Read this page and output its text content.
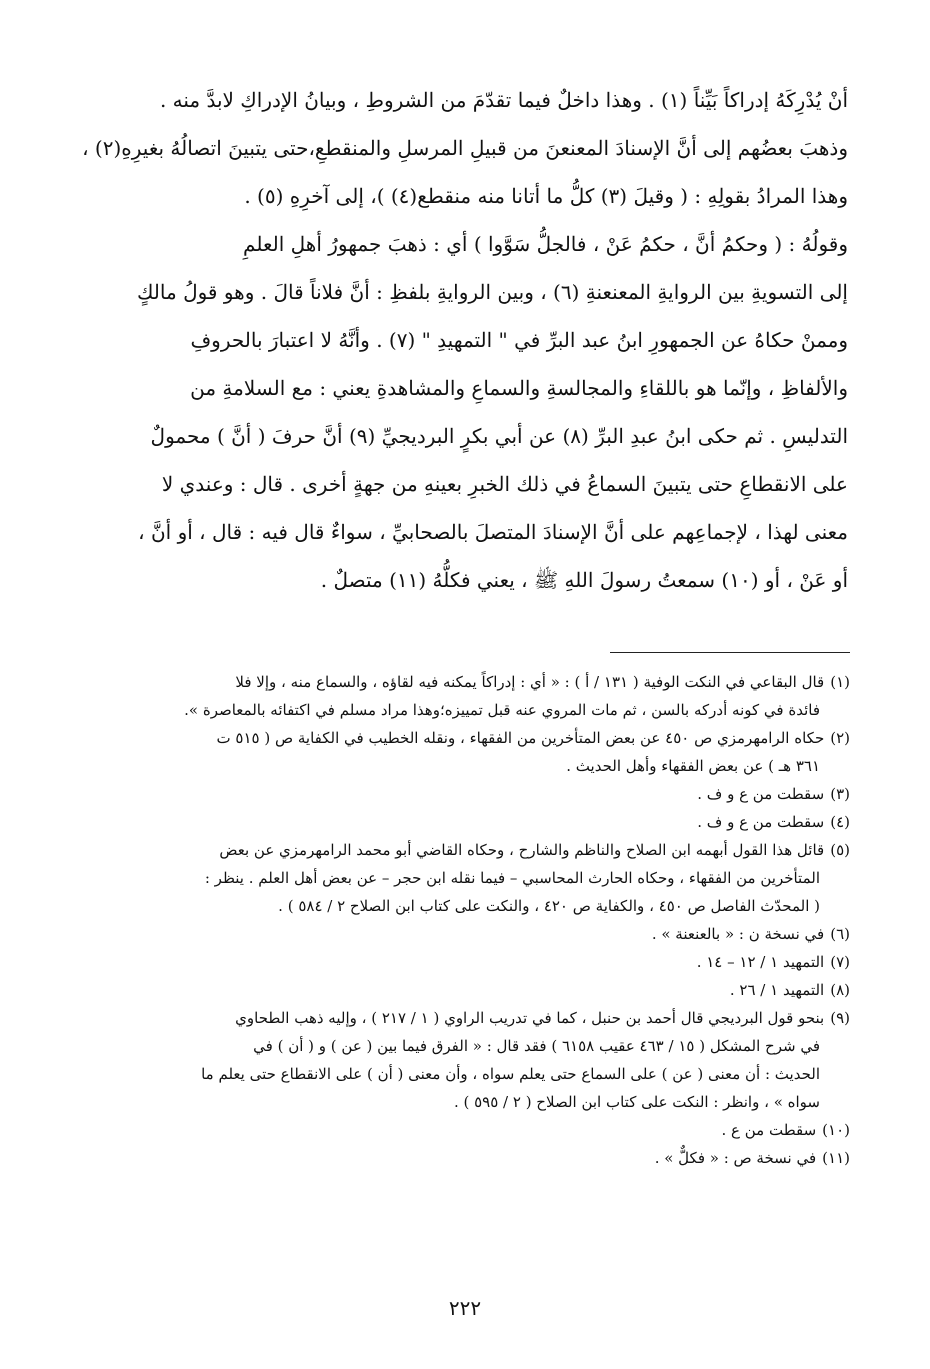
أنْ يُدْرِكَهُ إدراكاً بَيِّناً (١) . وهذا داخلٌ فيما تقدّمَ من الشروطِ ، وبيانُ الإدراكِ لابدَّ منه .
وذهبَ بعضُهم إلى أنَّ الإسنادَ المعنعنَ من قبيلِ المرسلِ والمنقطعِ،حتى يتبينَ اتصالُهُ بغيرِهِ(٢) ،
وهذا المرادُ بقولِهِ : ( وقيلَ (٣) كلُّ ما أتانا منه منقطع(٤) )، إلى آخرِهِ (٥) .
وقولُهُ : ( وحكمُ أنَّ ، حكمُ عَنْ ، فالجلُّ سَوَّوا ) أي : ذهبَ جمهورُ أهلِ العلمِ
إلى التسويةِ بين الروايةِ المعنعنةِ (٦) ، وبين الروايةِ بلفظِ : أنَّ فلاناً قالَ . وهو قولُ مالكٍ
وممنْ حكاهُ عن الجمهورِ ابنُ عبد البرِّ في " التمهيدِ " (٧) . وأنَّهُ لا اعتبارَ بالحروفِ
والألفاظِ ، وإنّما هو باللقاءِ والمجالسةِ والسماعِ والمشاهدةِ يعني : مع السلامةِ من
التدليسِ . ثم حكى ابنُ عبدِ البرِّ (٨) عن أبي بكرٍ البرديجيِّ (٩) أنَّ حرفَ ( أنَّ ) محمولٌ
على الانقطاعِ حتى يتبينَ السماعُ في ذلك الخبرِ بعينهِ من جهةٍ أخرى . قال : وعندي لا
معنى لهذا ، لإجماعِهم على أنَّ الإسنادَ المتصلَ بالصحابيِّ ، سواءٌ قال فيه : قال ، أو أنَّ ،
أو عَنْ ، أو (١٠) سمعتُ رسولَ اللهِ ﷺ ، يعني فكلُّهُ (١١) متصلٌ .
(١)قال البقاعي في النكت الوفية ( ١٣١ / أ ) : « أي : إدراكاً يمكنه فيه لقاؤه ، والسماع منه ، وإلا فلا
فائدة في كونه أدركه بالسن ، ثم مات المروي عنه قبل تمييزه؛وهذا مراد مسلم في اكتفائه بالمعاصرة ».
(٢)حكاه الرامهرمزي ص ٤٥٠ عن بعض المتأخرين من الفقهاء ، ونقله الخطيب في الكفاية ص ( ٥١٥ ت
٣٦١ هـ ) عن بعض الفقهاء وأهل الحديث .
(٣)سقطت من ع و ف .
(٤)سقطت من ع و ف .
(٥)قائل هذا القول أبهمه ابن الصلاح والناظم والشارح ، وحكاه القاضي أبو محمد الرامهرمزي عن بعض
المتأخرين من الفقهاء ، وحكاه الحارث المحاسبي – فيما نقله ابن حجر – عن بعض أهل العلم . ينظر :
( المحدّث الفاصل ص ٤٥٠ ، والكفاية ص ٤٢٠ ، والنكت على كتاب ابن الصلاح ٢ / ٥٨٤ ) .
(٦)في نسخة ن : « بالعنعنة » .
(٧)التمهيد ١ / ١٢ – ١٤ .
(٨)التمهيد ١ / ٢٦ .
(٩)بنحو قول البرديجي قال أحمد بن حنبل ، كما في تدريب الراوي ( ١ / ٢١٧ ) ، وإليه ذهب الطحاوي
في شرح المشكل ( ١٥ / ٤٦٣ عقيب ٦١٥٨ ) فقد قال : « الفرق فيما بين ( عن ) و ( أن ) في
الحديث : أن معنى ( عن ) على السماع حتى يعلم سواه ، وأن معنى ( أن ) على الانقطاع حتى يعلم ما
سواه » ، وانظر : النكت على كتاب ابن الصلاح ( ٢ / ٥٩٥ ) .
(١٠)سقطت من ع .
(١١)في نسخة ص : « فكلٌّ » .
٢٢٢
